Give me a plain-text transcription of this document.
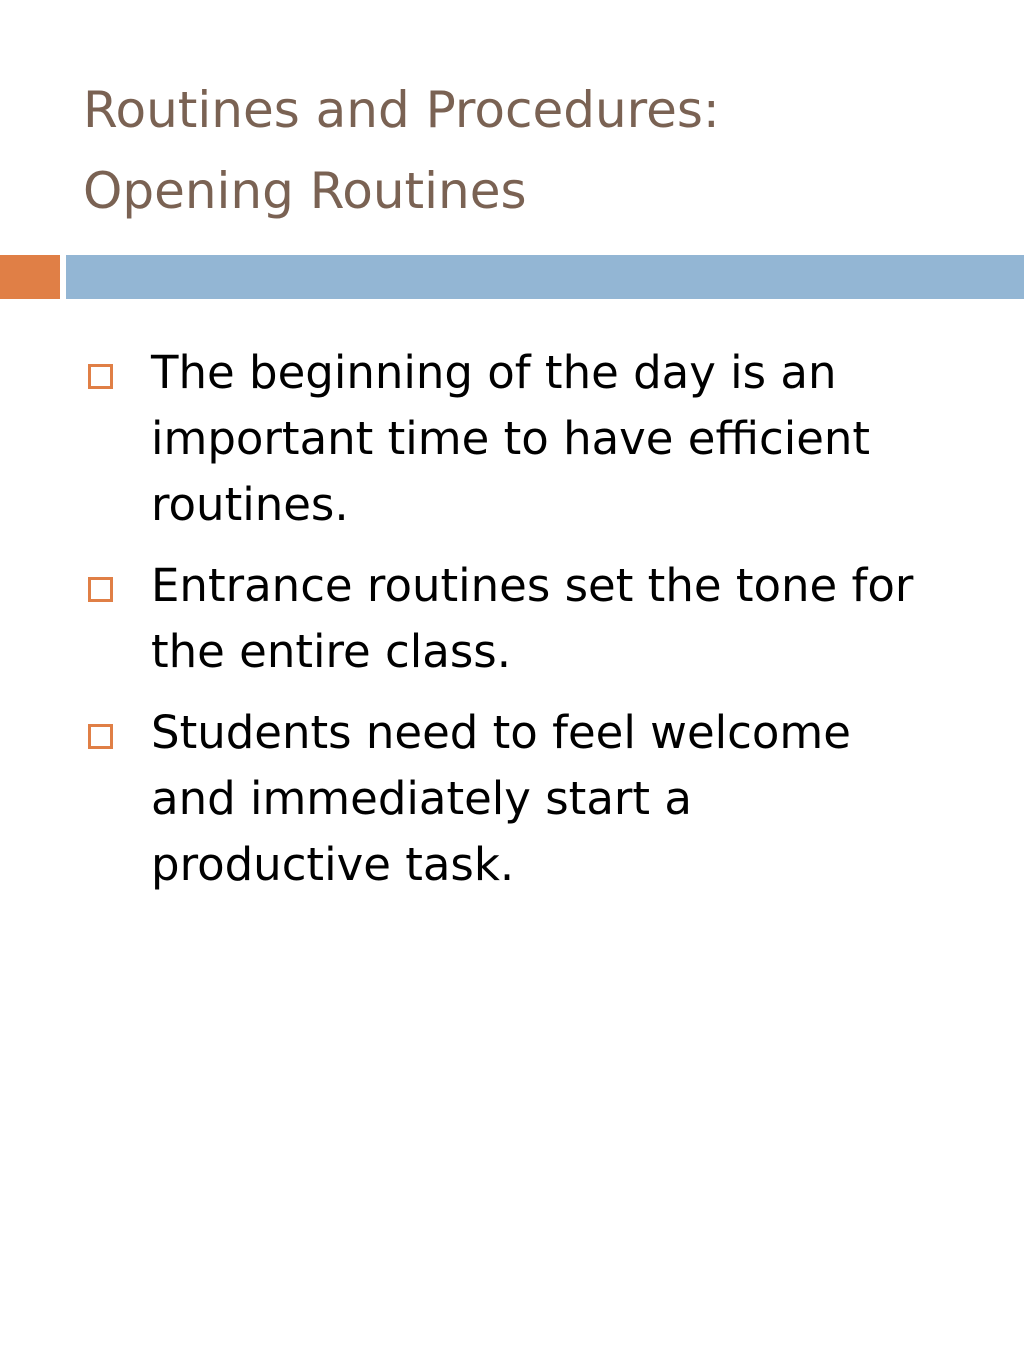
Routines and Procedures:
Opening Routines
The beginning of the day is an
important time to have efficient
routines.
Entrance routines set the tone for
the entire class.
Students need to feel welcome
and immediately start a
productive task.
